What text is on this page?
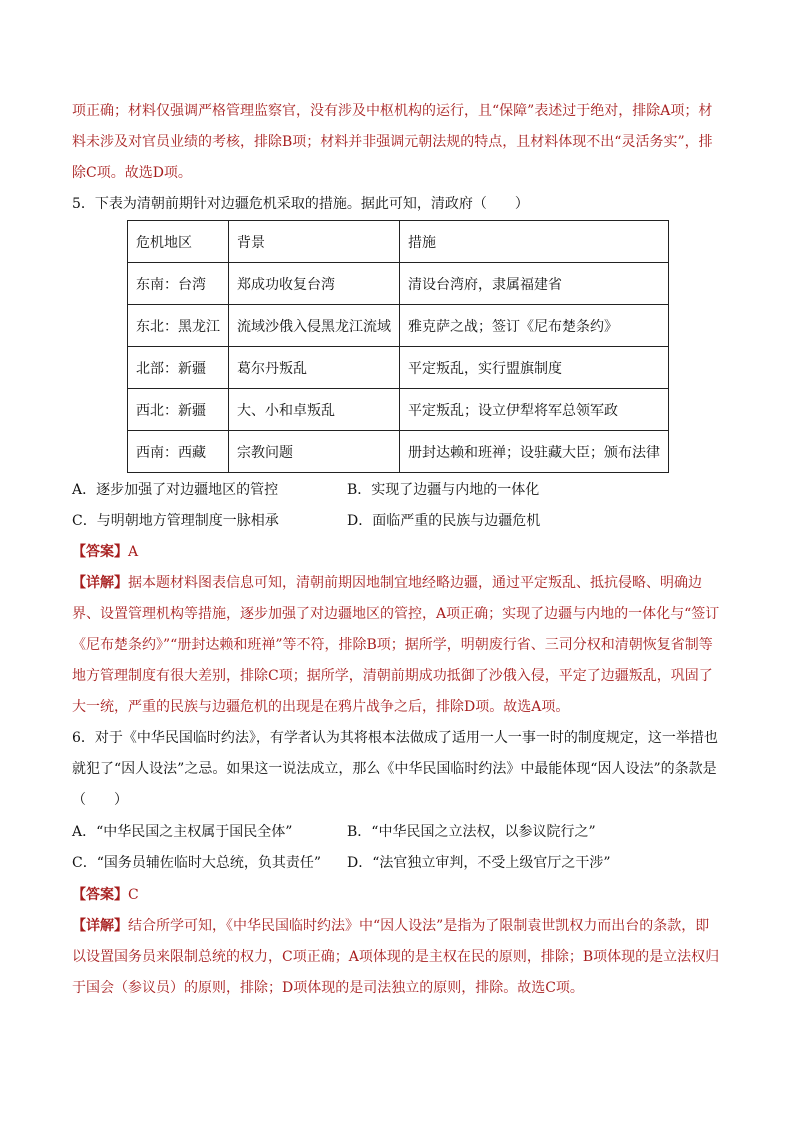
项正确；材料仅强调严格管理监察官，没有涉及中枢机构的运行，且“保障”表述过于绝对，排除A项；材

料未涉及对官员业绩的考核，排除B项；材料并非强调元朝法规的特点，且材料体现不出“灵活务实”，排

除C项。故选D项。

5．下表为清朝前期针对边疆危机采取的措施。据此可知，清政府（　　）

危机地区	背景	措施
东南：台湾	郑成功收复台湾	清设台湾府，隶属福建省
东北：黑龙江	流域沙俄入侵黑龙江流域	雅克萨之战；签订《尼布楚条约》
北部：新疆	葛尔丹叛乱	平定叛乱，实行盟旗制度
西北：新疆	大、小和卓叛乱	平定叛乱；设立伊犁将军总领军政
西南：西藏	宗教问题	册封达赖和班禅；设驻藏大臣；颁布法律
A．逐步加强了对边疆地区的管控	B．实现了边疆与内地的一体化
C．与明朝地方管理制度一脉相承	D．面临严重的民族与边疆危机

【答案】A

【详解】据本题材料图表信息可知，清朝前期因地制宜地经略边疆，通过平定叛乱、抵抗侵略、明确边界、设置管理机构等措施，逐步加强了对边疆地区的管控，A项正确；实现了边疆与内地的一体化与“签订《尼布楚条约》”“册封达赖和班禅”等不符，排除B项；据所学，明朝废行省、三司分权和清朝恢复省制等地方管理制度有很大差别，排除C项；据所学，清朝前期成功抵御了沙俄入侵，平定了边疆叛乱，巩固了大一统，严重的民族与边疆危机的出现是在鸦片战争之后，排除D项。故选A项。

6．对于《中华民国临时约法》，有学者认为其将根本法做成了适用一人一事一时的制度规定，这一举措也就犯了“因人设法”之忌。如果这一说法成立，那么《中华民国临时约法》中最能体现“因人设法”的条款是（　　）

A．“中华民国之主权属于国民全体”	B．“中华民国之立法权，以参议院行之”
C．“国务员辅佐临时大总统，负其责任” D．“法官独立审判，不受上级官厅之干涉”

【答案】C

【详解】结合所学可知，《中华民国临时约法》中“因人设法”是指为了限制袁世凯权力而出台的条款，即以设置国务员来限制总统的权力，C项正确；A项体现的是主权在民的原则，排除；B项体现的是立法权归于国会（参议员）的原则，排除；D项体现的是司法独立的原则，排除。故选C项。
